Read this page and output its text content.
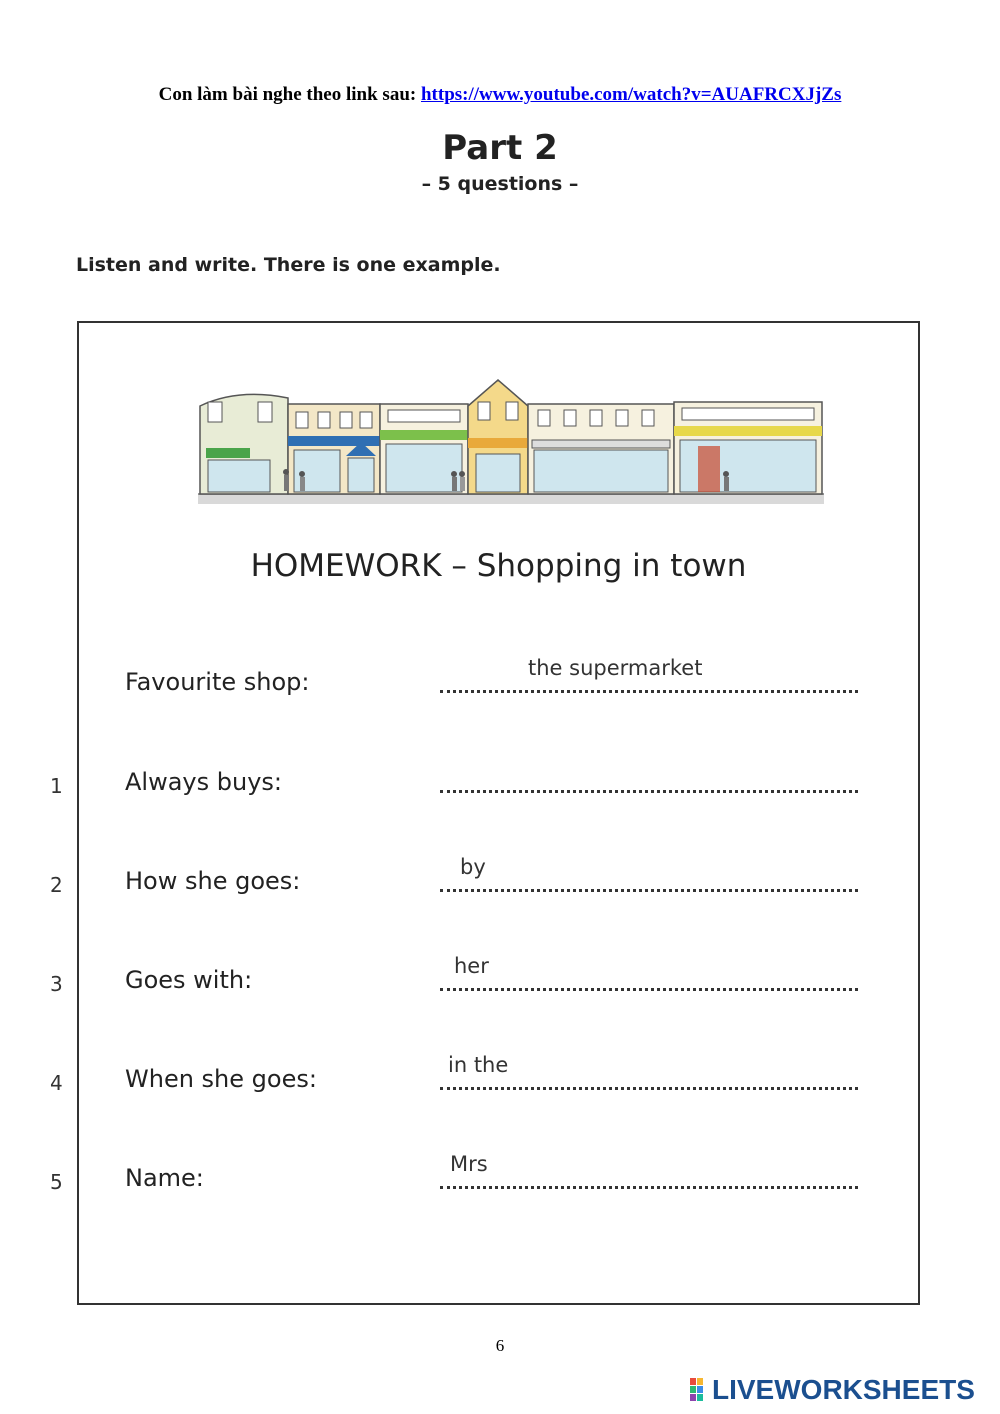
Con làm bài nghe theo link sau: https://www.youtube.com/watch?v=AUAFRCXJjZs
Part 2
– 5 questions –
Listen and write. There is one example.
HOMEWORK – Shopping in town
Favourite shop:	the supermarket
1	Always buys:
2	How she goes:	by
3	Goes with:	her
4	When she goes:	in the
5	Name:	Mrs
6
LIVEWORKSHEETS
